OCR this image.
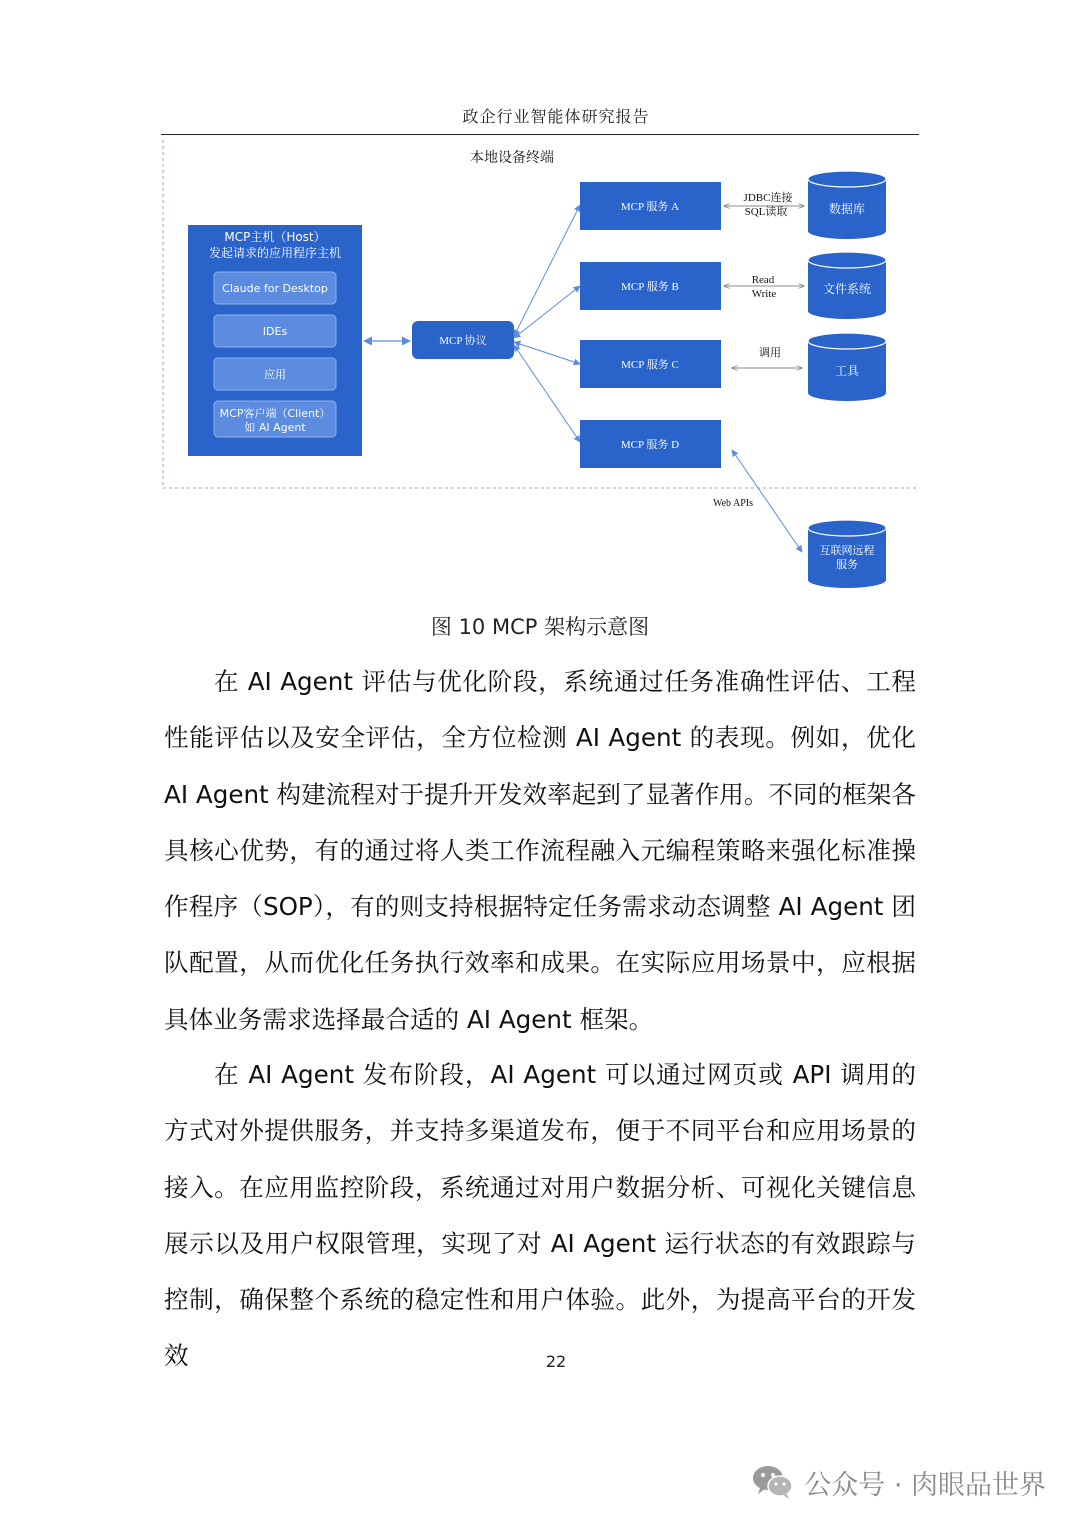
政企行业智能体研究报告
本地设备终端
MCP主机（Host）
发起请求的应用程序主机
Claude for Desktop
IDEs
应用
MCP客户端（Client）
如 AI Agent
MCP 协议
MCP 服务 A
MCP 服务 B
MCP 服务 C
MCP 服务 D
JDBC连接
SQL读取
Read
Write
调用
Web APIs
数据库
文件系统
工具
互联网远程
服务
图 10 MCP 架构示意图

在 AI Agent 评估与优化阶段，系统通过任务准确性评估、工程性能评估以及安全评估，全方位检测 AI Agent 的表现。例如，优化 AI Agent 构建流程对于提升开发效率起到了显著作用。不同的框架各具核心优势，有的通过将人类工作流程融入元编程策略来强化标准操作程序（SOP），有的则支持根据特定任务需求动态调整 AI Agent 团队配置，从而优化任务执行效率和成果。在实际应用场景中，应根据具体业务需求选择最合适的 AI Agent 框架。

在 AI Agent 发布阶段，AI Agent 可以通过网页或 API 调用的方式对外提供服务，并支持多渠道发布，便于不同平台和应用场景的接入。在应用监控阶段，系统通过对用户数据分析、可视化关键信息展示以及用户权限管理，实现了对 AI Agent 运行状态的有效跟踪与控制，确保整个系统的稳定性和用户体验。此外，为提高平台的开发效	22
公众号 · 肉眼品世界
